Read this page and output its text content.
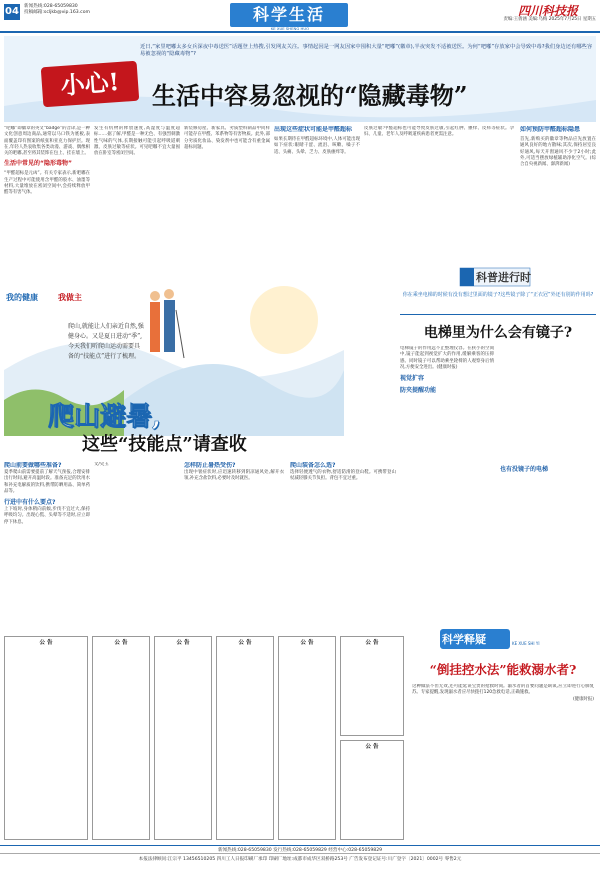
04 新闻热线:028-65059830
投稿邮箱:scljkb@vip.163.com	科学生活
KE XUE SHENG HUO
四川科技报
责编:王倩涵 美编:乌梅 2025年7月25日 星期五
近日,“家里吧嘟太多女兵深夜中毒送医”话题登上热搜,引发网友关注。事情起因是一网友因家中囤积大量“吧嘟”(徽章),半夜突发不适被送医。为何“吧嘟”存放家中会导致中毒?我们身边还有哪些容易被忽视的“隐藏毒物”?
小心!	生活中容易忽视的“隐藏毒物”
“吧嘟”即徽章的英文“badge”的音译,是一种文化创意周边商品,通常以马口铁为底板,表面覆盖印有图案的纸张和亚克力保护层。现在,年轻人热衷收集各类动漫、游戏、偶像相关的吧嘟,甚至将其装饰在包上、挂在墙上。
生活中常见的“隐形毒物”
“甲醛超标是元凶”。有关专家表示,新吧嘟在生产过程中可能使用含甲醛的胶水、油墨等材料,大量堆放在密闭空间中,会持续释放甲醛等有害气体。
发生有机物的释放速度,高湿度与温度超标……据了解,甲醛是一种无色、有强烈刺激性气味的气体,长期接触可能引起呼吸道刺激、皮肤过敏等症状。可见吧嘟不宜大量囤放在卧室等密闭空间。
新装修房屋、新家具、劣质塑料制品中同样可能存在甲醛、苯系物等有害物质。此外,部分劣质化妆品、染发剂中也可能含有重金属超标问题。
出现这些症状可能是甲醛超标
如果长期待在甲醛超标环境中,人体可能出现如下症状:眼睛干涩、流泪、咳嗽、嗓子不适、头痛、头晕、乏力、皮肤瘙痒等。
皮肤过敏:甲醛超标也可能导致皮肤过敏,引起红肿、瘙痒、皮疹等症状。孕妇、儿童、老年人及呼吸道疾病患者更需注意。
如何预防甲醛超标隐患
首先,新购买的徽章等物品应先放置在通风良好的地方散味;其次,保持居室良好通风,每天开窗通风不少于2小时;此外,可适当摆放绿植辅助净化空气。(综合自央视新闻、澎湃新闻)
我的健康	我做主
爬山,就能让人们亲近自然,强健身心。又是夏日进动“季”,今天我们听爬山运动需要具备的“技能点”进行了梳理。
爬山避暑,
这些“技能点”请查收
爬山前要做哪些准备?
夏季爬山前需要提前了解天气预报,合理安排出行时间,避开高温时段。准备充足的饮用水和补充电解质的饮料,携带防晒用品、简单药品等。
行进中有什么要点?
上下坡时,身体稍向前倾,步伐不宜过大,保持呼吸均匀。出现心慌、头晕等不适时,应立即停下休息。
文/史玉	怎样防止暑热受伤?
出现中暑症状时,应迅速转移到阴凉通风处,解开衣领,补充含盐饮料,必要时及时就医。
爬山装备怎么选?
选择轻便透气的衣物,舒适防滑的登山鞋。可携带登山杖减轻膝关节负担。背包不宜过重。
公 告	公 告	公 告	公 告	公 告	公 告
公 告
科普进行时
你在乘坐电梯的时候有没有想过里面的镜子?这些镜子除了“正衣冠”外还有别的作用吗?
电梯里为什么会有镜子?
电梯镜子的作用远不止整理仪容。在狭小的空间中,镜子能起到视觉扩大的作用,缓解乘客的压抑感。同时镜子可以帮助乘坐轮椅的人观察身后情况,方便安全进出。(健康时报)
视觉扩容
防夹提醒功能
也有没镜子的电梯
科学释疑	KE XUE SHI YI
“倒挂控水法”能救溺水者?
这种做法不但无效,还可能延误宝贵的抢救时间。溺水者的首要问题是缺氧,应立即进行心肺复苏。专家提醒,发现溺水者应尽快拨打120急救电话,正确施救。
(健康时报)
新闻热线:028-65059830 发行热线:028-65059829 经营中心:028-65059829
本报法律顾问:江宗平 13456510205 四川工人日报印刷厂承印 印刷厂地址:成都市成华区双桥路253号 广告发布登记证号:川广登字〔2021〕0002号 零售2元
